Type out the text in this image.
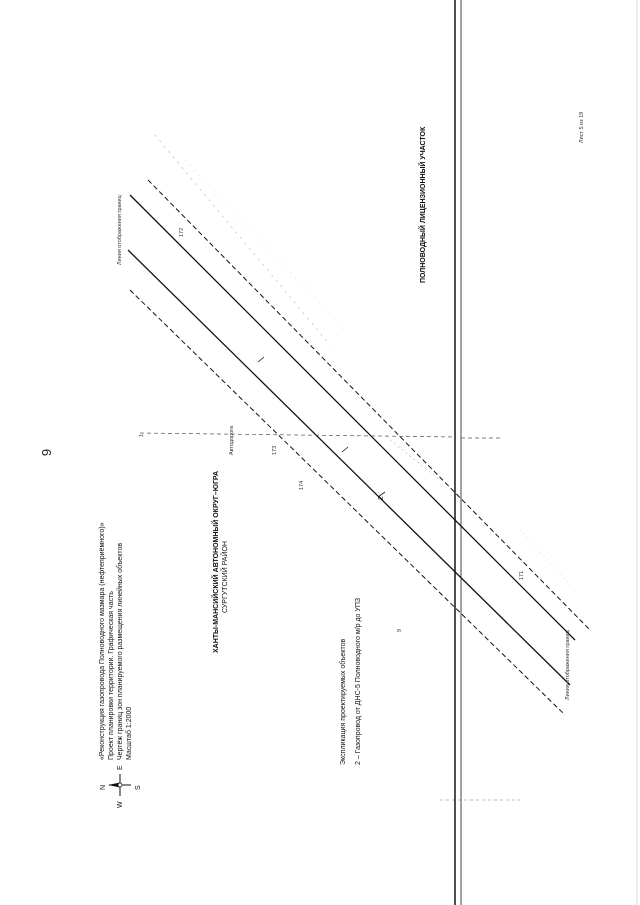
N	S
E
W
9
«Реконструкция газопровода Полноводного мазмара (нефтеприёмного)» Проект планировки территории. Графическая часть Чертёж границ зон планируемого размещения линейных объектов Масштаб 1:2000
ХАНТЫ-МАНСИЙСКИЙ АВТОНОМНЫЙ ОКРУГ–ЮГРА СУРГУТСКИЙ РАЙОН
Экспликация проектируемых объектов 2 – Газопровод от ДНС-5 Полноводного м/р до УПЗ
ПОЛНОВОДНЫЙ ЛИЦЕНЗИОННЫЙ УЧАСТОК	Лист 5 из 19
Линия отображения границ
Линия отображения границ
173
174
172
171
2
Автодорога
1:
9
